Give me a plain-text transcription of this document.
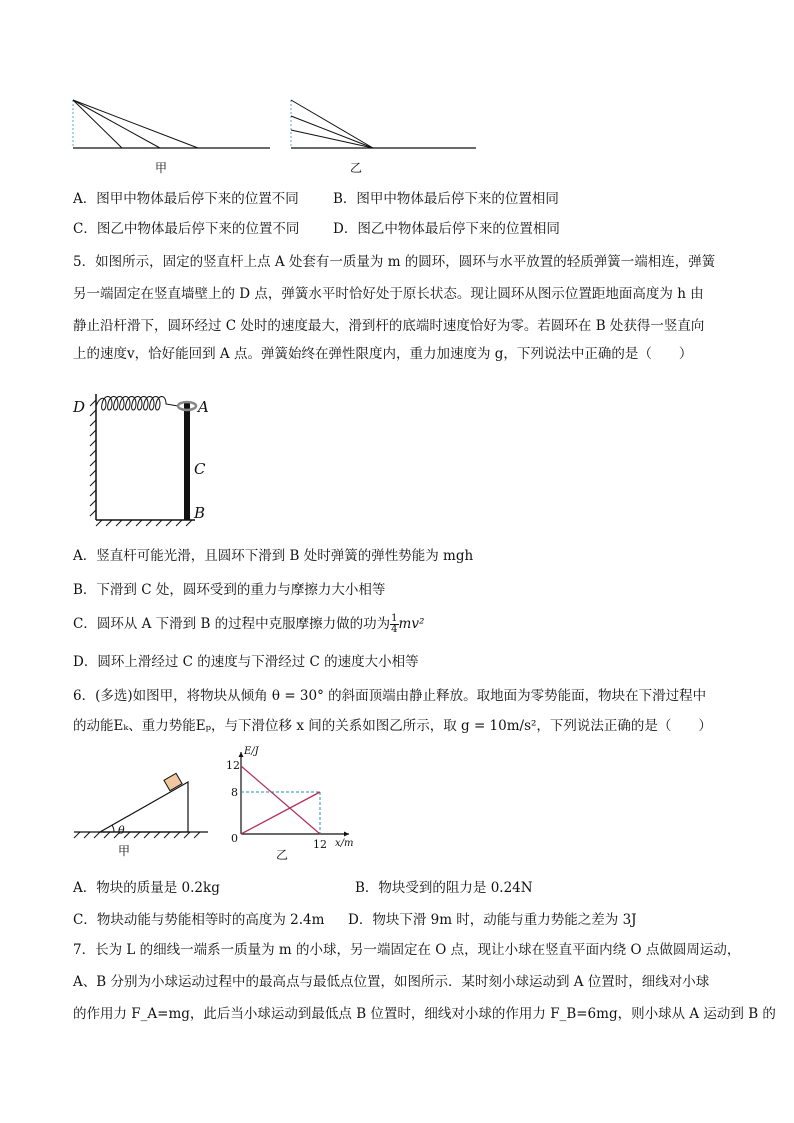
甲	乙
A．图甲中物体最后停下来的位置不同	B．图甲中物体最后停下来的位置相同
C．图乙中物体最后停下来的位置不同 D．图乙中物体最后停下来的位置相同
5．如图所示，固定的竖直杆上点 A 处套有一质量为 m 的圆环，圆环与水平放置的轻质弹簧一端相连，弹簧
另一端固定在竖直墙壁上的 D 点，弹簧水平时恰好处于原长状态。现让圆环从图示位置距地面高度为 h 由
静止沿杆滑下，圆环经过 C 处时的速度最大，滑到杆的底端时速度恰好为零。若圆环在 B 处获得一竖直向
上的速度v，恰好能回到 A 点。弹簧始终在弹性限度内，重力加速度为 g，下列说法中正确的是（　　）
D	A
C
B
A．竖直杆可能光滑，且圆环下滑到 B 处时弹簧的弹性势能为 mgh
B．下滑到 C 处，圆环受到的重力与摩擦力大小相等
C．圆环从 A 下滑到 B 的过程中克服摩擦力做的功为 $\frac{1}{4} mv^2$
D．圆环上滑经过 C 的速度与下滑经过 C 的速度大小相等
6．(多选)如图甲，将物块从倾角 θ = 30° 的斜面顶端由静止释放。取地面为零势能面，物块在下滑过程中
的动能Eₖ、重力势能Eₚ，与下滑位移 x 间的关系如图乙所示，取 g = 10m/s²，下列说法正确的是（　　）
θ
甲
E/J
12
8
0	12 x/m
乙
A．物块的质量是 0.2kg	B．物块受到的阻力是 0.24N
C．物块动能与势能相等时的高度为 2.4m D．物块下滑 9m 时，动能与重力势能之差为 3J
7．长为 L 的细线一端系一质量为 m 的小球，另一端固定在 O 点，现让小球在竖直平面内绕 O 点做圆周运动，
A、B 分别为小球运动过程中的最高点与最低点位置，如图所示．某时刻小球运动到 A 位置时，细线对小球
的作用力 F_A=mg，此后当小球运动到最低点 B 位置时，细线对小球的作用力 F_B=6mg，则小球从 A 运动到 B 的
